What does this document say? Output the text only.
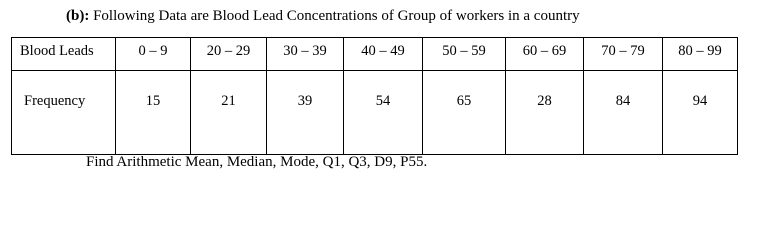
(b): Following Data are Blood Lead Concentrations of Group of workers in a country
Blood Leads	0 – 9	20 – 29	30 – 39	40 – 49	50 – 59	60 – 69	70 – 79	80 – 99
Frequency	15	21	39	54	65	28	84	94
Find Arithmetic Mean, Median, Mode, Q1, Q3, D9, P55.
